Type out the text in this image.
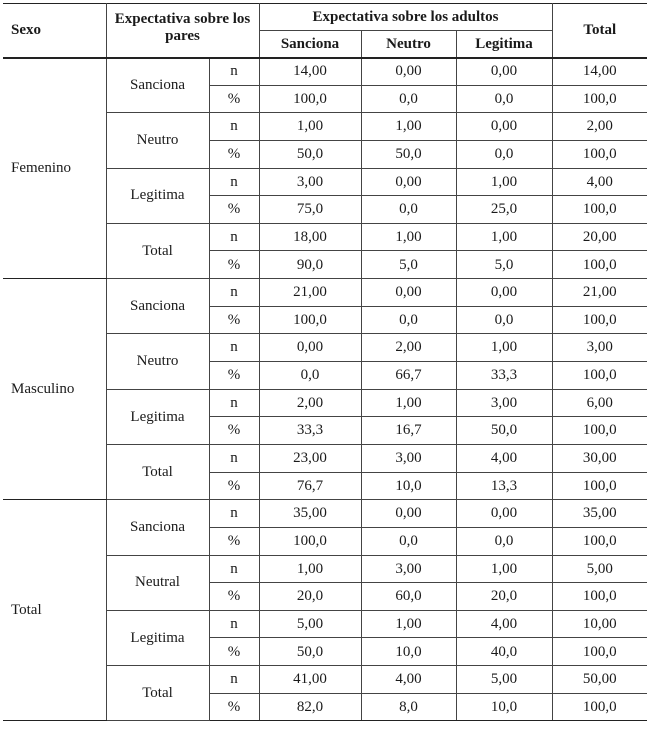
Sexo	Expectativa sobre los pares		Expectativa sobre los adultos			Total
			Sanciona	Neutro	Legitima	
Femenino	Sanciona	n	14,00	0,00	0,00	14,00
		%	100,0	0,0	0,0	100,0
	Neutro	n	1,00	1,00	0,00	2,00
		%	50,0	50,0	0,0	100,0
	Legitima	n	3,00	0,00	1,00	4,00
		%	75,0	0,0	25,0	100,0
	Total	n	18,00	1,00	1,00	20,00
		%	90,0	5,0	5,0	100,0
Masculino	Sanciona	n	21,00	0,00	0,00	21,00
		%	100,0	0,0	0,0	100,0
	Neutro	n	0,00	2,00	1,00	3,00
		%	0,0	66,7	33,3	100,0
	Legitima	n	2,00	1,00	3,00	6,00
		%	33,3	16,7	50,0	100,0
	Total	n	23,00	3,00	4,00	30,00
		%	76,7	10,0	13,3	100,0
Total	Sanciona	n	35,00	0,00	0,00	35,00
		%	100,0	0,0	0,0	100,0
	Neutral	n	1,00	3,00	1,00	5,00
		%	20,0	60,0	20,0	100,0
	Legitima	n	5,00	1,00	4,00	10,00
		%	50,0	10,0	40,0	100,0
	Total	n	41,00	4,00	5,00	50,00
		%	82,0	8,0	10,0	100,0
